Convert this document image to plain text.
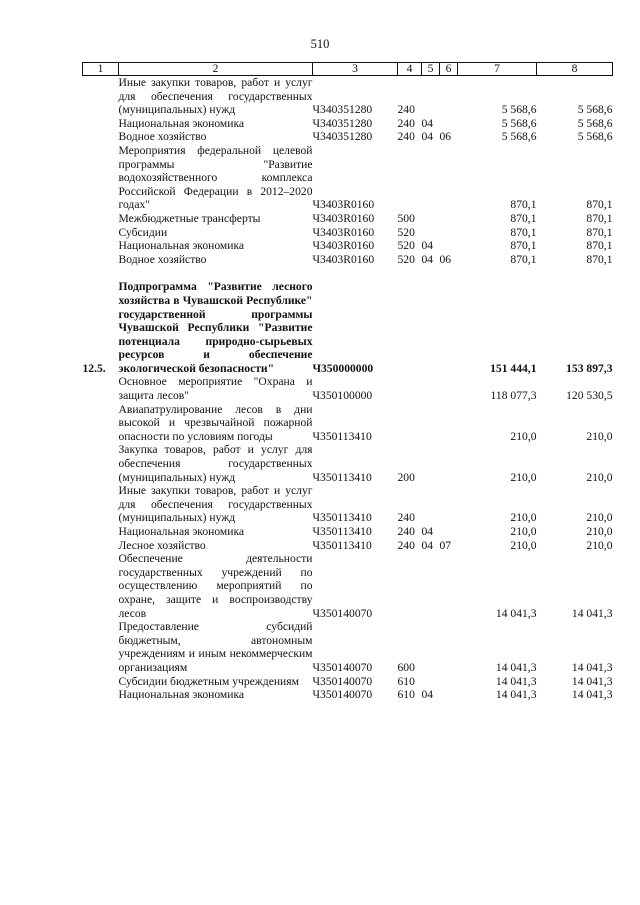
510
1	2	3	4	5	6	7	8
	Иные закупки товаров, работ и услуг для обеспечения государственных (муниципальных) нужд	Ч340351280	240			5 568,6	5 568,6
	Национальная экономика	Ч340351280	240	04		5 568,6	5 568,6
	Водное хозяйство	Ч340351280	240	04	06	5 568,6	5 568,6
	Мероприятия федеральной целевой программы "Развитие водохозяйственного комплекса Российской Федерации в 2012–2020 годах"	Ч3403R0160				870,1	870,1
	Межбюджетные трансферты	Ч3403R0160	500			870,1	870,1
	Субсидии	Ч3403R0160	520			870,1	870,1
	Национальная экономика	Ч3403R0160	520	04		870,1	870,1
	Водное хозяйство	Ч3403R0160	520	04	06	870,1	870,1

12.5.	Подпрограмма "Развитие лесного хозяйства в Чувашской Республике" государственной программы Чувашской Республики "Развитие потенциала природно-сырьевых ресурсов и обеспечение экологической безопасности"	Ч350000000				151 444,1	153 897,3
	Основное мероприятие "Охрана и защита лесов"	Ч350100000				118 077,3	120 530,5
	Авиапатрулирование лесов в дни высокой и чрезвычайной пожарной опасности по условиям погоды	Ч350113410				210,0	210,0
	Закупка товаров, работ и услуг для обеспечения государственных (муниципальных) нужд	Ч350113410	200			210,0	210,0
	Иные закупки товаров, работ и услуг для обеспечения государственных (муниципальных) нужд	Ч350113410	240			210,0	210,0
	Национальная экономика	Ч350113410	240	04		210,0	210,0
	Лесное хозяйство	Ч350113410	240	04	07	210,0	210,0
	Обеспечение деятельности государственных учреждений по осуществлению мероприятий по охране, защите и воспроизводству лесов	Ч350140070				14 041,3	14 041,3
	Предоставление субсидий бюджетным, автономным учреждениям и иным некоммерческим организациям	Ч350140070	600			14 041,3	14 041,3
	Субсидии бюджетным учреждениям	Ч350140070	610			14 041,3	14 041,3
	Национальная экономика	Ч350140070	610	04		14 041,3	14 041,3
